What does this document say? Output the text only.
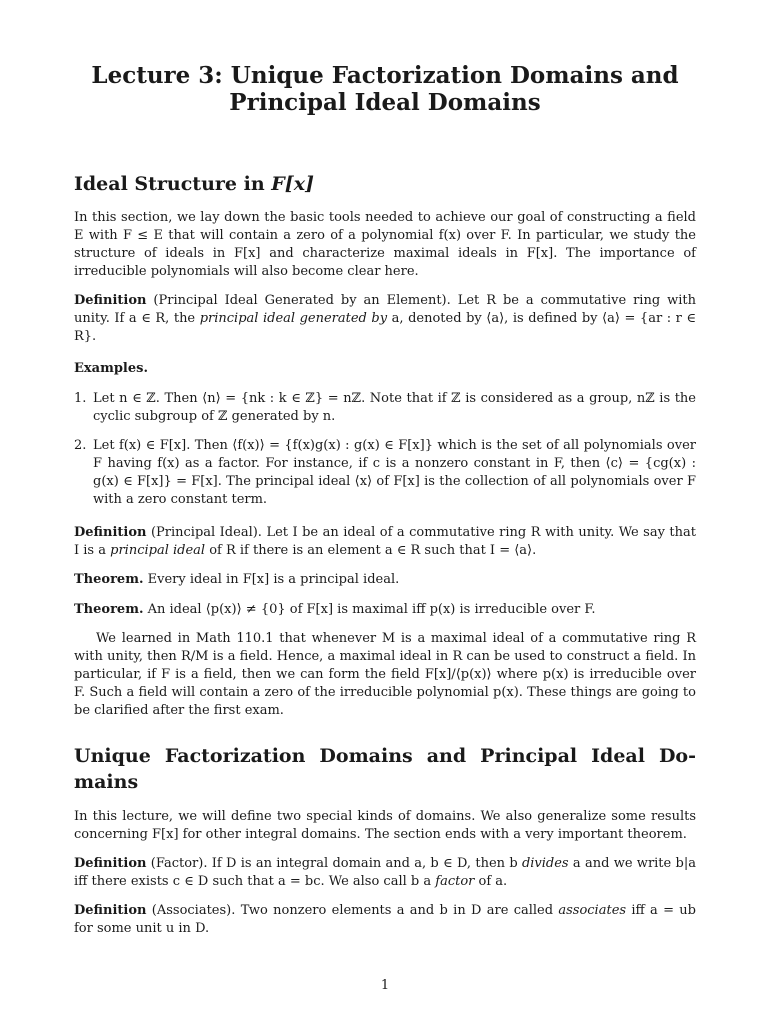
Lecture 3: Unique Factorization Domains and Principal Ideal Domains
Ideal Structure in F[x]
In this section, we lay down the basic tools needed to achieve our goal of constructing a field E with F ≤ E that will contain a zero of a polynomial f(x) over F. In particular, we study the structure of ideals in F[x] and characterize maximal ideals in F[x]. The importance of irreducible polynomials will also become clear here.
Definition (Principal Ideal Generated by an Element). Let R be a commutative ring with unity. If a ∈ R, the principal ideal generated by a, denoted by ⟨a⟩, is defined by ⟨a⟩ = {ar : r ∈ R}.
Examples.
1. Let n ∈ ℤ. Then ⟨n⟩ = {nk : k ∈ ℤ} = nℤ. Note that if ℤ is considered as a group, nℤ is the cyclic subgroup of ℤ generated by n.
2. Let f(x) ∈ F[x]. Then ⟨f(x)⟩ = {f(x)g(x) : g(x) ∈ F[x]} which is the set of all polynomials over F having f(x) as a factor. For instance, if c is a nonzero constant in F, then ⟨c⟩ = {cg(x) : g(x) ∈ F[x]} = F[x]. The principal ideal ⟨x⟩ of F[x] is the collection of all polynomials over F with a zero constant term.
Definition (Principal Ideal). Let I be an ideal of a commutative ring R with unity. We say that I is a principal ideal of R if there is an element a ∈ R such that I = ⟨a⟩.
Theorem. Every ideal in F[x] is a principal ideal.
Theorem. An ideal ⟨p(x)⟩ ≠ {0} of F[x] is maximal iff p(x) is irreducible over F.
We learned in Math 110.1 that whenever M is a maximal ideal of a commutative ring R with unity, then R/M is a field. Hence, a maximal ideal in R can be used to construct a field. In particular, if F is a field, then we can form the field F[x]/⟨p(x)⟩ where p(x) is irreducible over F. Such a field will contain a zero of the irreducible polynomial p(x). These things are going to be clarified after the first exam.
Unique Factorization Domains and Principal Ideal Do-mains
In this lecture, we will define two special kinds of domains. We also generalize some results concerning F[x] for other integral domains. The section ends with a very important theorem.
Definition (Factor). If D is an integral domain and a, b ∈ D, then b divides a and we write b|a iff there exists c ∈ D such that a = bc. We also call b a factor of a.
Definition (Associates). Two nonzero elements a and b in D are called associates iff a = ub for some unit u in D.
1
